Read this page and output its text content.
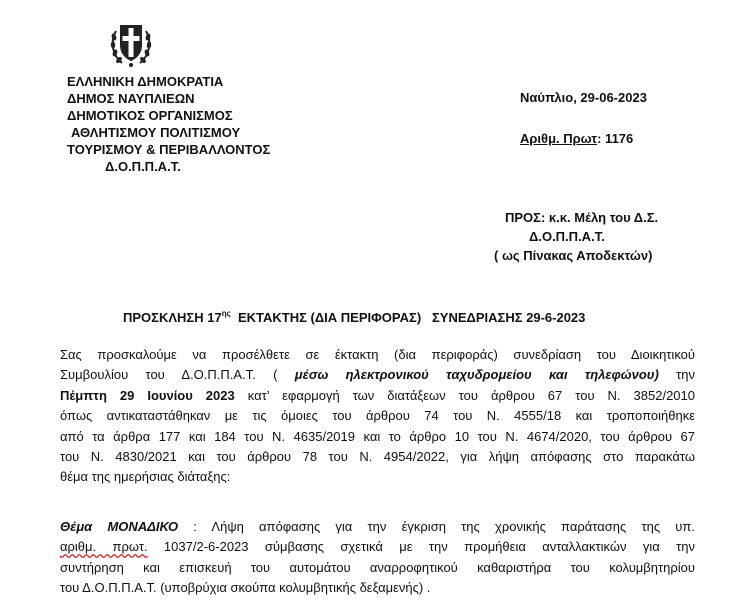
ΕΛΛΗΝΙΚΗ ΔΗΜΟΚΡΑΤΙΑ
ΔΗΜΟΣ ΝΑΥΠΛΙΕΩΝ
ΔΗΜΟΤΙΚΟΣ ΟΡΓΑΝΙΣΜΟΣ
ΑΘΛΗΤΙΣΜΟΥ ΠΟΛΙΤΙΣΜΟΥ
ΤΟΥΡΙΣΜΟΥ & ΠΕΡΙΒΑΛΛΟΝΤΟΣ
Δ.Ο.Π.Π.Α.Τ.
Ναύπλιο, 29-06-2023
Αριθμ. Πρωτ: 1176
ΠΡΟΣ: κ.κ. Μέλη του Δ.Σ.
Δ.Ο.Π.Π.Α.Τ.
( ως Πίνακας Αποδεκτών)
ΠΡΟΣΚΛΗΣΗ $17^{\eta\varsigma}$  ΕΚΤΑΚΤΗΣ (ΔΙΑ ΠΕΡΙΦΟΡΑΣ)   ΣΥΝΕΔΡΙΑΣΗΣ 29-6-2023
Σας προσκαλούμε να προσέλθετε σε έκτακτη (δια περιφοράς) συνεδρίαση του Διοικητικού
Συμβουλίου του Δ.Ο.Π.Π.Α.Τ. ( μέσω ηλεκτρονικού ταχυδρομείου και τηλεφώνου) την
Πέμπτη 29 Ιουνίου 2023 κατ’ εφαρμογή των διατάξεων του άρθρου 67 του Ν. 3852/2010
όπως αντικαταστάθηκαν με τις όμοιες του άρθρου 74 του Ν. 4555/18 και τροποποιήθηκε
από τα άρθρα 177 και 184 του Ν. 4635/2019 και το άρθρο 10 του Ν. 4674/2020, του άρθρου 67
του Ν. 4830/2021 και του άρθρου 78 του Ν. 4954/2022, για λήψη απόφασης στο παρακάτω
θέμα της ημερήσιας διάταξης:
Θέμα ΜΟΝΑΔΙΚΟ : Λήψη απόφασης για την έγκριση της χρονικής παράτασης της υπ.
αριθμ. πρωτ. 1037/2-6-2023 σύμβασης σχετικά με την προμήθεια ανταλλακτικών για την
συντήρηση και επισκευή του αυτομάτου αναρροφητικού καθαριστήρα του κολυμβητηρίου
του Δ.Ο.Π.Π.Α.Τ. (υποβρύχια σκούπα κολυμβητικής δεξαμενής) .
